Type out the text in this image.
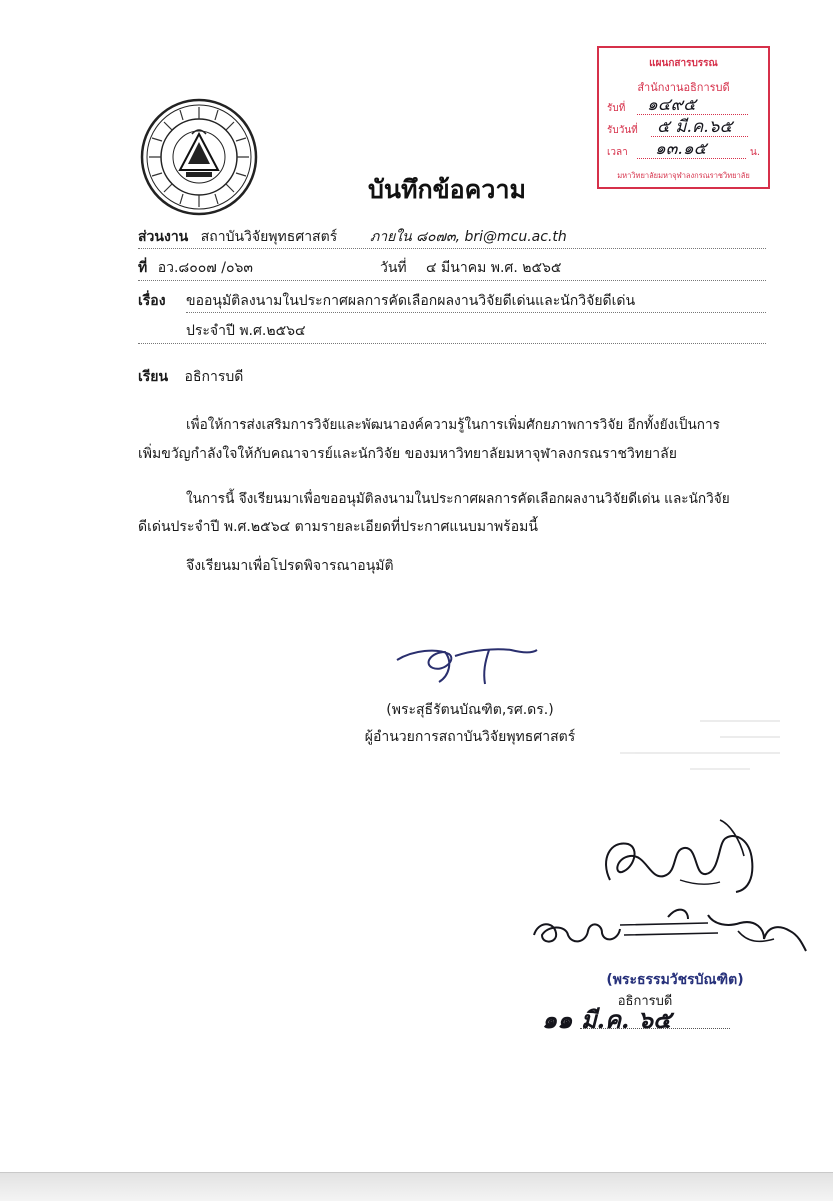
แผนกสารบรรณ
สำนักงานอธิการบดี
รับที่ ๑๔๙๕
รับวันที่ ๕ มี.ค.๖๕
เวลา ๑๓.๑๕	น.
มหาวิทยาลัยมหาจุฬาลงกรณราชวิทยาลัย
บันทึกข้อความ
ส่วนงาน สถาบันวิจัยพุทธศาสตร์ ภายใน ๘๐๗๓, bri@mcu.ac.th
ที่ อว.๘๐๐๗ /๐๖๓	วันที่ ๔ มีนาคม พ.ศ. ๒๕๖๕
เรื่อง ขออนุมัติลงนามในประกาศผลการคัดเลือกผลงานวิจัยดีเด่นและนักวิจัยดีเด่น
ประจำปี พ.ศ.๒๕๖๔
เรียน อธิการบดี
เพื่อให้การส่งเสริมการวิจัยและพัฒนาองค์ความรู้ในการเพิ่มศักยภาพการวิจัย อีกทั้งยังเป็นการ
เพิ่มขวัญกำลังใจให้กับคณาจารย์และนักวิจัย ของมหาวิทยาลัยมหาจุฬาลงกรณราชวิทยาลัย
ในการนี้ จึงเรียนมาเพื่อขออนุมัติลงนามในประกาศผลการคัดเลือกผลงานวิจัยดีเด่น และนักวิจัย
ดีเด่นประจำปี พ.ศ.๒๕๖๔ ตามรายละเอียดที่ประกาศแนบมาพร้อมนี้
จึงเรียนมาเพื่อโปรดพิจารณาอนุมัติ
(พระสุธีรัตนบัณฑิต,รศ.ดร.)
ผู้อำนวยการสถาบันวิจัยพุทธศาสตร์
(พระธรรมวัชรบัณฑิต)
อธิการบดี
๑๑ มี.ค. ๖๕
